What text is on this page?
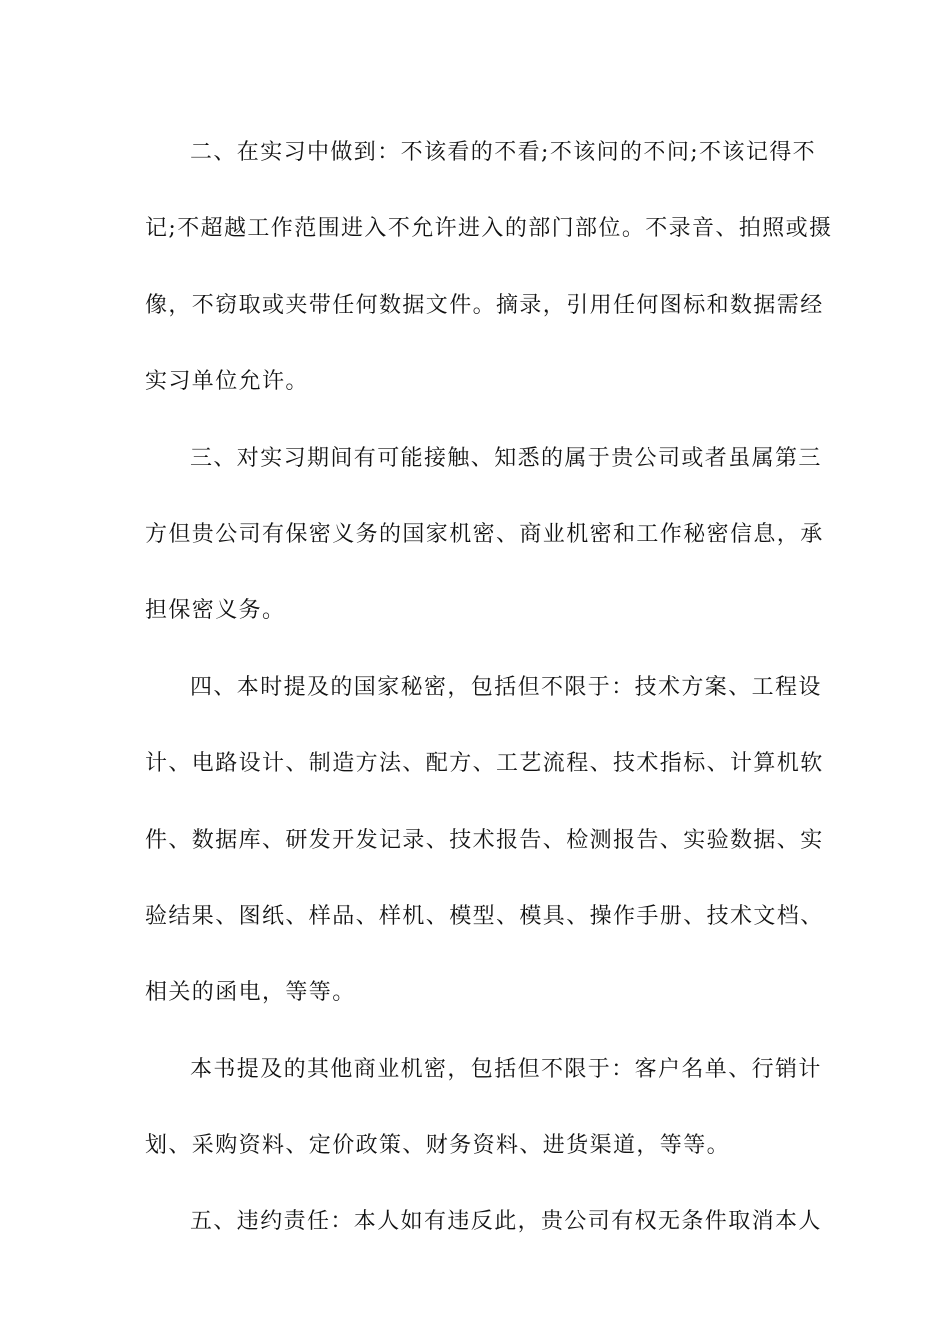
二、在实习中做到：不该看的不看;不该问的不问;不该记得不
记;不超越工作范围进入不允许进入的部门部位。不录音、拍照或摄
像，不窃取或夹带任何数据文件。摘录，引用任何图标和数据需经
实习单位允许。
三、对实习期间有可能接触、知悉的属于贵公司或者虽属第三
方但贵公司有保密义务的国家机密、商业机密和工作秘密信息，承
担保密义务。
四、本时提及的国家秘密，包括但不限于：技术方案、工程设
计、电路设计、制造方法、配方、工艺流程、技术指标、计算机软
件、数据库、研发开发记录、技术报告、检测报告、实验数据、实
验结果、图纸、样品、样机、模型、模具、操作手册、技术文档、
相关的函电，等等。
本书提及的其他商业机密，包括但不限于：客户名单、行销计
划、采购资料、定价政策、财务资料、进货渠道，等等。
五、违约责任：本人如有违反此，贵公司有权无条件取消本人
